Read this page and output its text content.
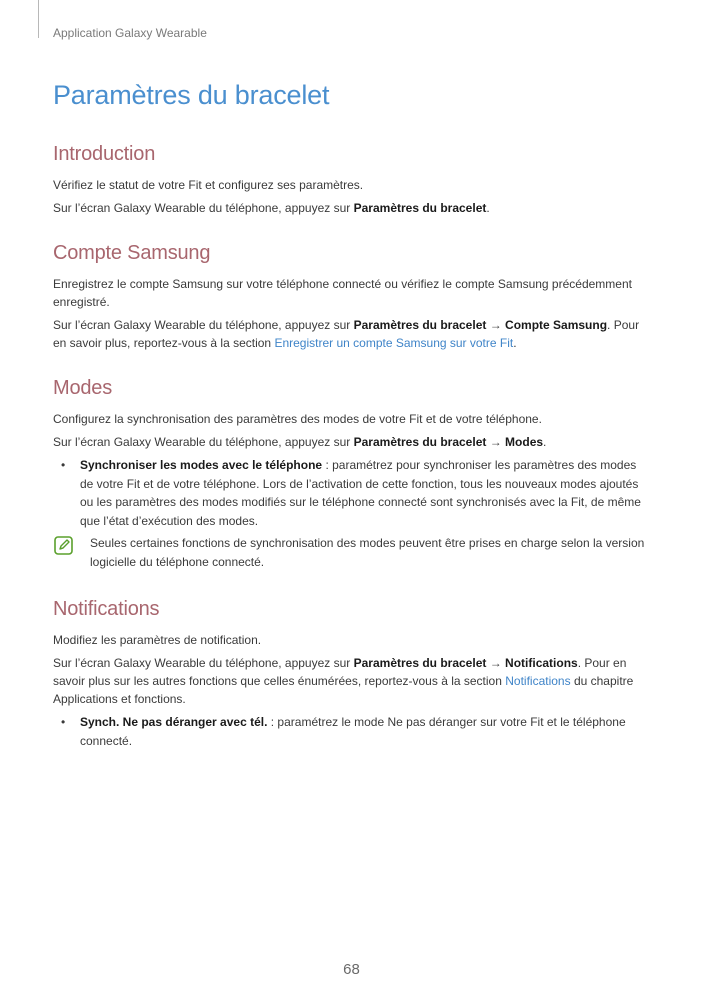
Application Galaxy Wearable
Paramètres du bracelet
Introduction

Vérifiez le statut de votre Fit et configurez ses paramètres.

Sur l’écran Galaxy Wearable du téléphone, appuyez sur Paramètres du bracelet.

Compte Samsung

Enregistrez le compte Samsung sur votre téléphone connecté ou vérifiez le compte Samsung précédemment enregistré.

Sur l’écran Galaxy Wearable du téléphone, appuyez sur Paramètres du bracelet → Compte Samsung. Pour en savoir plus, reportez-vous à la section Enregistrer un compte Samsung sur votre Fit.

Modes

Configurez la synchronisation des paramètres des modes de votre Fit et de votre téléphone.

Sur l’écran Galaxy Wearable du téléphone, appuyez sur Paramètres du bracelet → Modes.

• Synchroniser les modes avec le téléphone : paramétrez pour synchroniser les paramètres des modes de votre Fit et de votre téléphone. Lors de l’activation de cette fonction, tous les nouveaux modes ajoutés ou les paramètres des modes modifiés sur le téléphone connecté sont synchronisés avec la Fit, de même que l’état d’exécution des modes.
Seules certaines fonctions de synchronisation des modes peuvent être prises en charge selon la version logicielle du téléphone connecté.
Notifications

Modifiez les paramètres de notification.

Sur l’écran Galaxy Wearable du téléphone, appuyez sur Paramètres du bracelet → Notifications. Pour en savoir plus sur les autres fonctions que celles énumérées, reportez-vous à la section Notifications du chapitre Applications et fonctions.

• Synch. Ne pas déranger avec tél. : paramétrez le mode Ne pas déranger sur votre Fit et le téléphone connecté.
68
